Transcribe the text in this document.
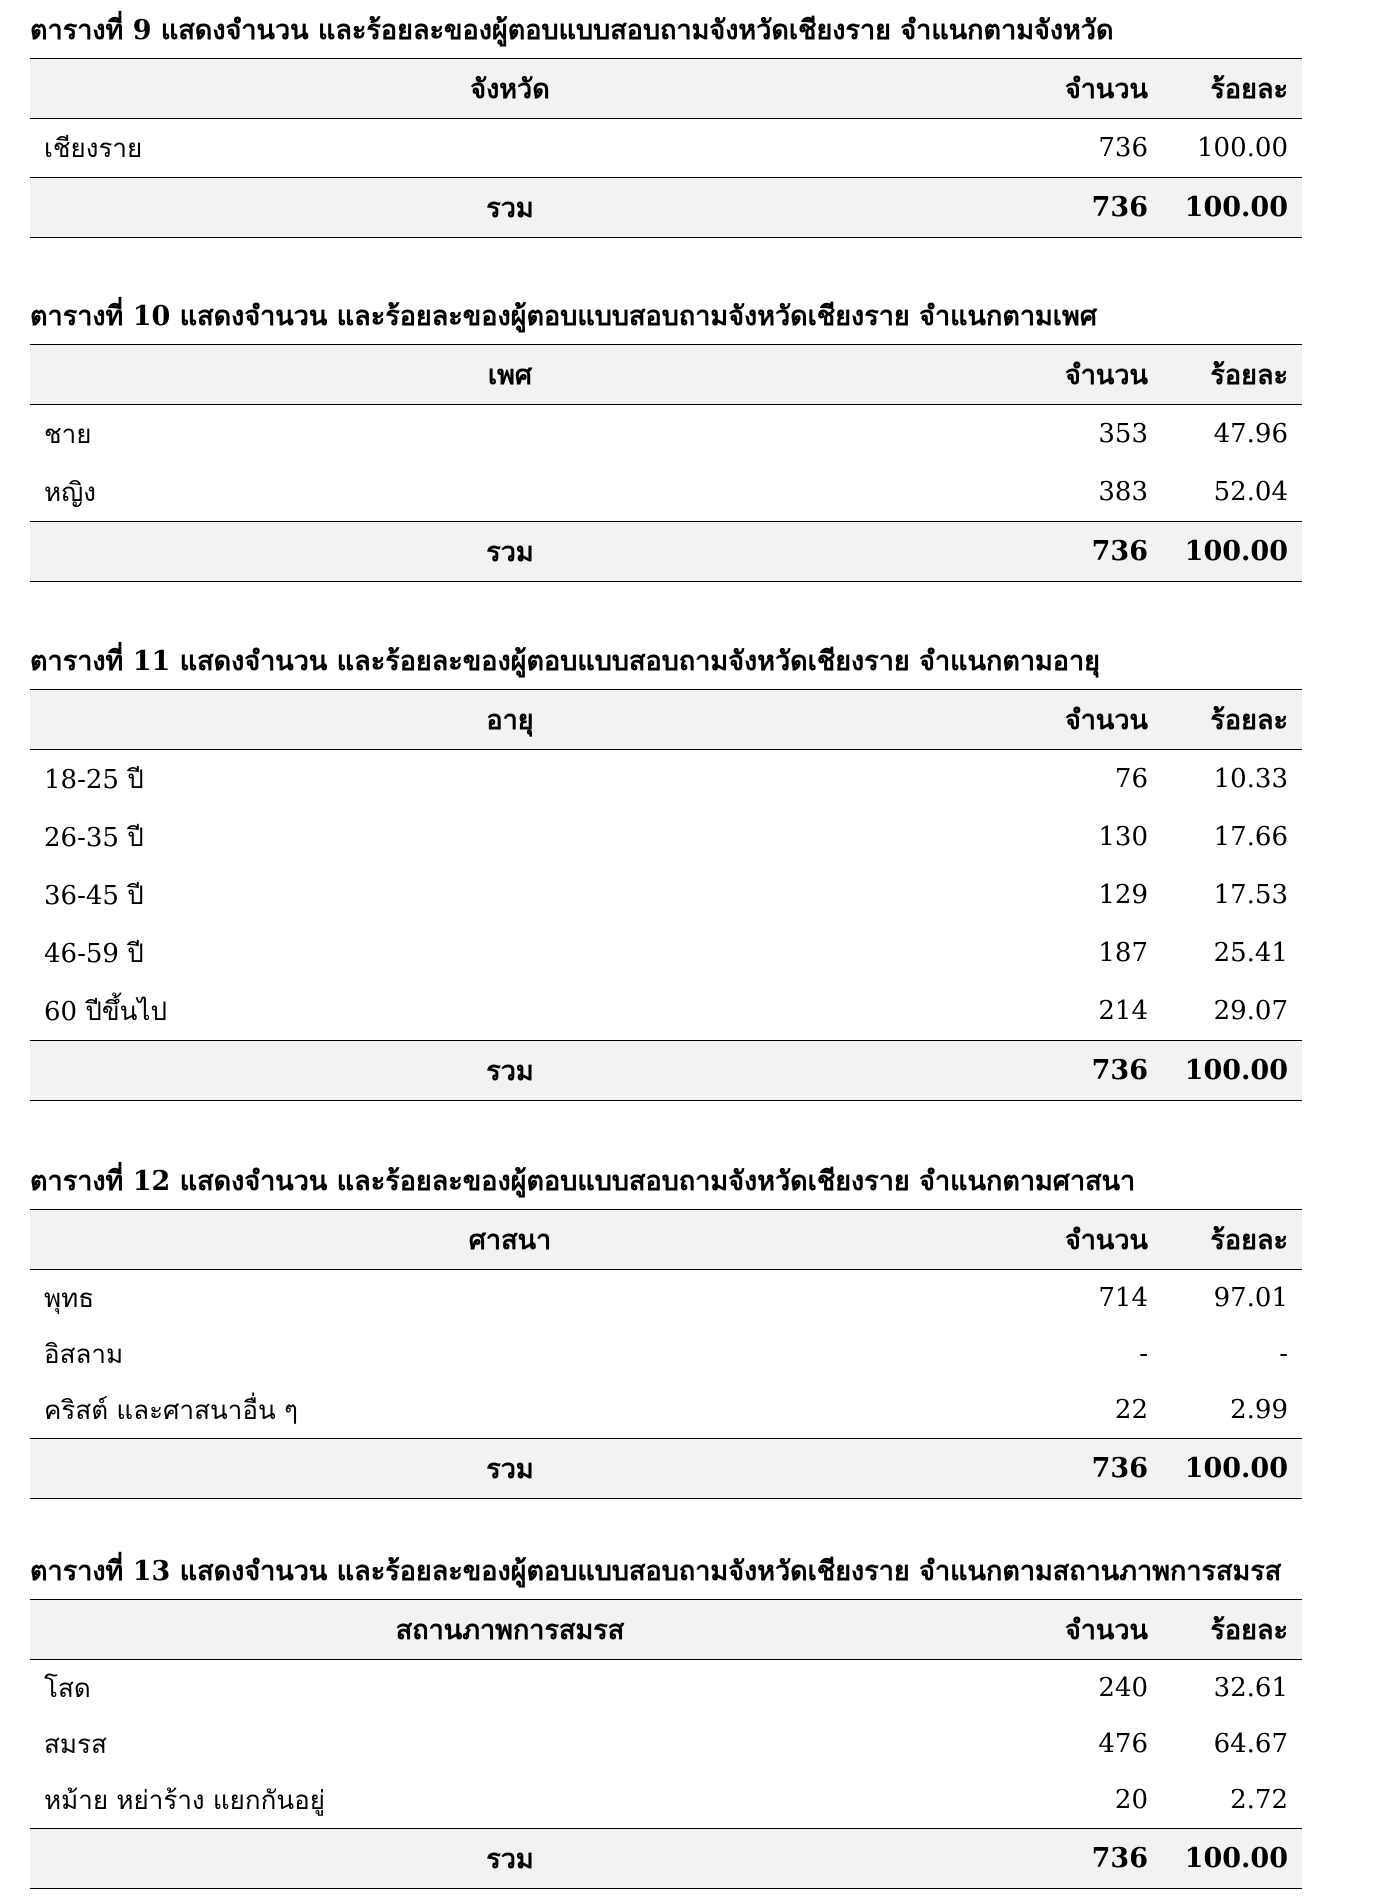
ตารางที่ 9 แสดงจำนวน และร้อยละของผู้ตอบแบบสอบถามจังหวัดเชียงราย จำแนกตามจังหวัด
จังหวัด	จำนวน	ร้อยละ
เชียงราย	736	100.00
รวม	736	100.00
ตารางที่ 10 แสดงจำนวน และร้อยละของผู้ตอบแบบสอบถามจังหวัดเชียงราย จำแนกตามเพศ
เพศ	จำนวน	ร้อยละ
ชาย	353	47.96
หญิง	383	52.04
รวม	736	100.00
ตารางที่ 11 แสดงจำนวน และร้อยละของผู้ตอบแบบสอบถามจังหวัดเชียงราย จำแนกตามอายุ
อายุ	จำนวน	ร้อยละ
18-25 ปี	76	10.33
26-35 ปี	130	17.66
36-45 ปี	129	17.53
46-59 ปี	187	25.41
60 ปีขึ้นไป	214	29.07
รวม	736	100.00
ตารางที่ 12 แสดงจำนวน และร้อยละของผู้ตอบแบบสอบถามจังหวัดเชียงราย จำแนกตามศาสนา
ศาสนา	จำนวน	ร้อยละ
พุทธ	714	97.01
อิสลาม	-	-
คริสต์ และศาสนาอื่น ๆ	22	2.99
รวม	736	100.00
ตารางที่ 13 แสดงจำนวน และร้อยละของผู้ตอบแบบสอบถามจังหวัดเชียงราย จำแนกตามสถานภาพการสมรส
สถานภาพการสมรส	จำนวน	ร้อยละ
โสด	240	32.61
สมรส	476	64.67
หม้าย หย่าร้าง แยกกันอยู่	20	2.72
รวม	736	100.00
